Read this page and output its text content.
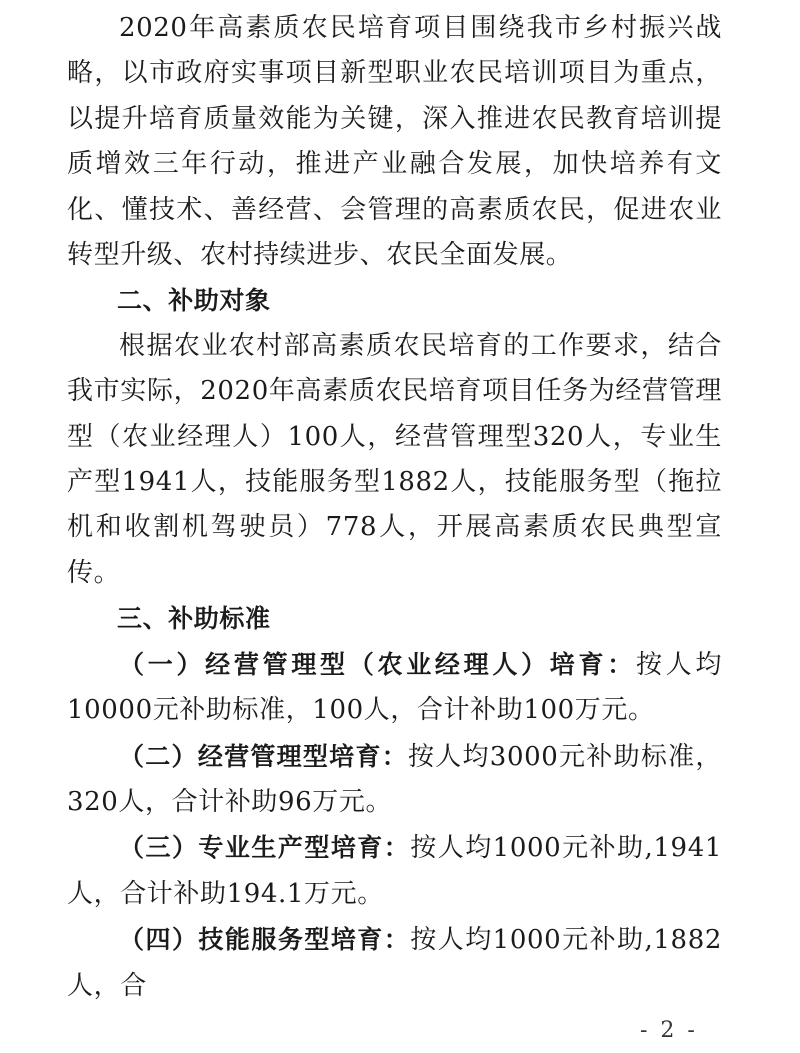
2020年高素质农民培育项目围绕我市乡村振兴战略，以市政府实事项目新型职业农民培训项目为重点，以提升培育质量效能为关键，深入推进农民教育培训提质增效三年行动，推进产业融合发展，加快培养有文化、懂技术、善经营、会管理的高素质农民，促进农业转型升级、农村持续进步、农民全面发展。

二、补助对象

根据农业农村部高素质农民培育的工作要求，结合我市实际，2020年高素质农民培育项目任务为经营管理型（农业经理人）100人，经营管理型320人，专业生产型1941人，技能服务型1882人，技能服务型（拖拉机和收割机驾驶员）778人，开展高素质农民典型宣传。

三、补助标准

（一）经营管理型（农业经理人）培育：按人均10000元补助标准，100人，合计补助100万元。

（二）经营管理型培育：按人均3000元补助标准，320人，合计补助96万元。

（三）专业生产型培育：按人均1000元补助,1941人，合计补助194.1万元。

（四）技能服务型培育：按人均1000元补助,1882人，合

- 2 -
